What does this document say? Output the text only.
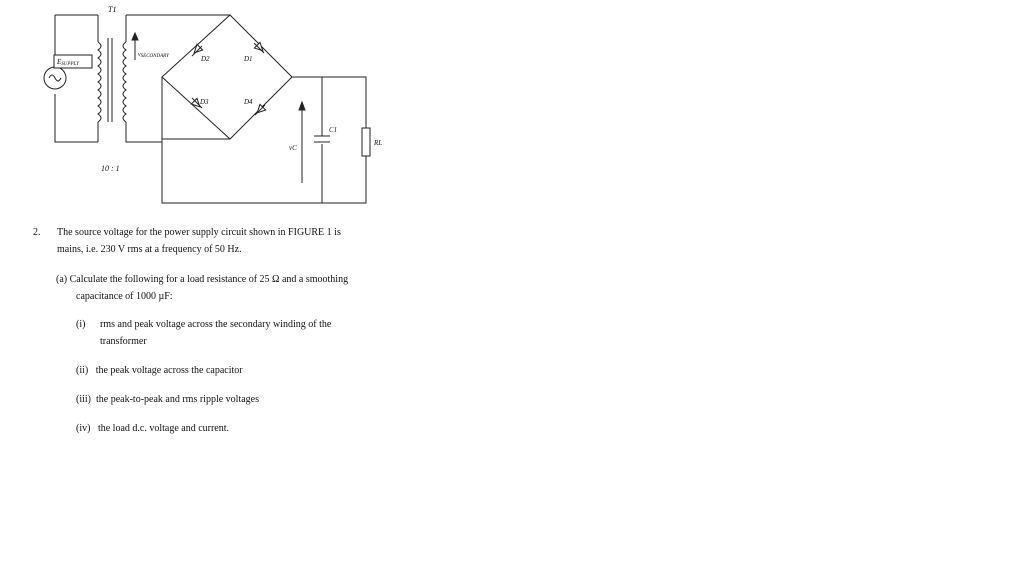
T1
ESUPPLY
vSECONDARY	D2	D1
D3	D4
vC
C1
RL
10 : 1
2. The source voltage for the power supply circuit shown in FIGURE 1 is
mains, i.e. 230 V rms at a frequency of 50 Hz.
(a) Calculate the following for a load resistance of 25 Ω and a smoothing
capacitance of 1000 µF:
(i) rms and peak voltage across the secondary winding of the
transformer
(ii) the peak voltage across the capacitor
(iii) the peak-to-peak and rms ripple voltages
(iv) the load d.c. voltage and current.
